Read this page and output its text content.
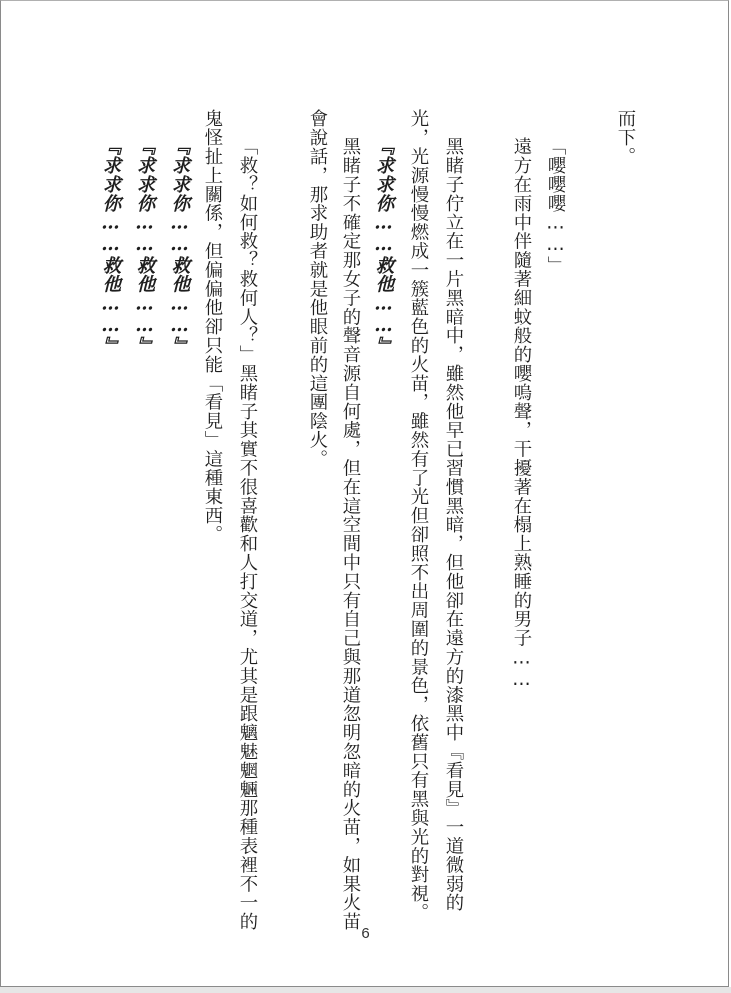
而下。
「嚶嚶嚶……」
遠方在雨中伴隨著細蚊般的嚶嗚聲，干擾著在榻上熟睡的男子……
黑睹子佇立在一片黑暗中，雖然他早已習慣黑暗，但他卻在遠方的漆黑中『看見』一道微弱的
光，光源慢慢燃成一簇藍色的火苗，雖然有了光但卻照不出周圍的景色，依舊只有黑與光的對視。
『求求你……救他……』
黑睹子不確定那女子的聲音源自何處，但在這空間中只有自己與那道忽明忽暗的火苗，如果火苗
會說話，那求助者就是他眼前的這團陰火。
「救？如何救？救何人？」黑睹子其實不很喜歡和人打交道，尤其是跟魑魅魍魎那種表裡不一的
鬼怪扯上關係，但偏偏他卻只能「看見」這種東西。
『求求你……救他……』
『求求你……救他……』
『求求你……救他……』
6
